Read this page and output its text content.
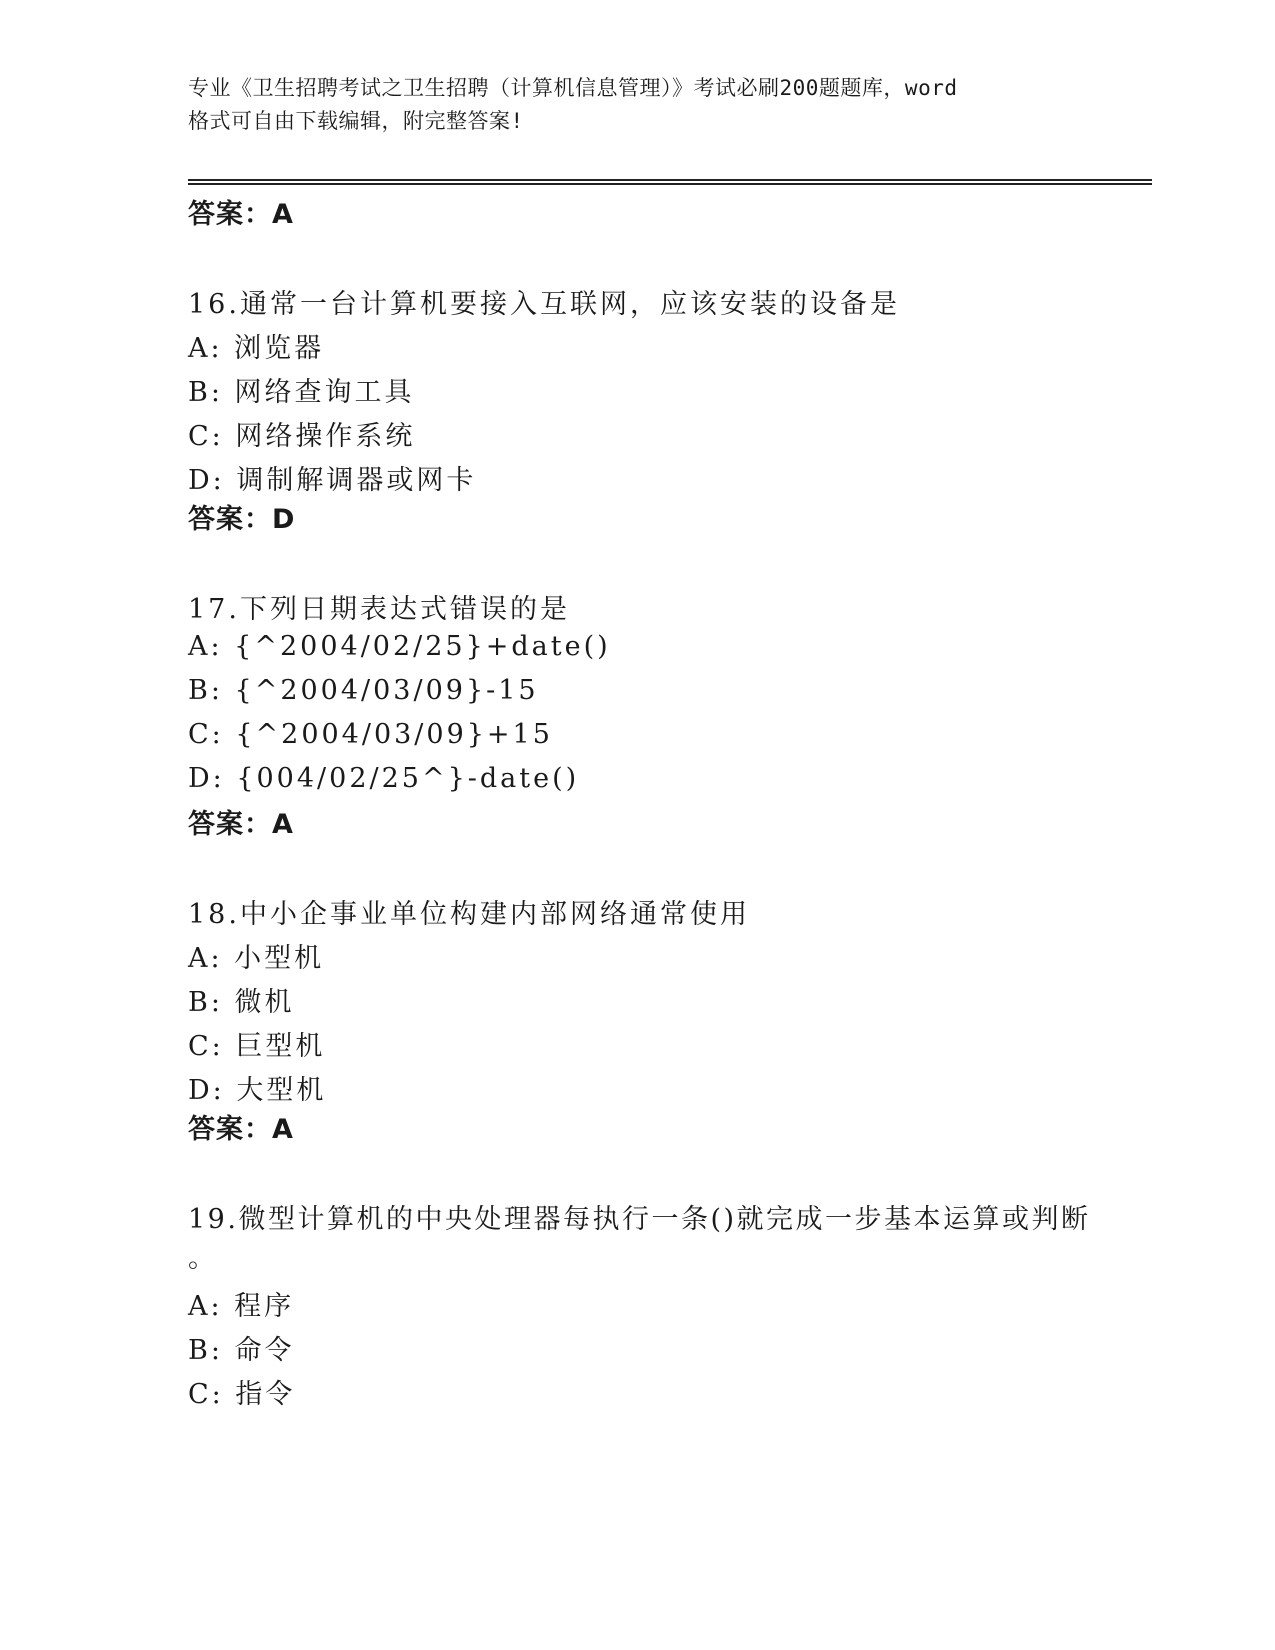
专业《卫生招聘考试之卫生招聘（计算机信息管理）》考试必刷200题题库，word
格式可自由下载编辑，附完整答案!
答案：A
16.通常一台计算机要接入互联网，应该安装的设备是
A: 浏览器
B: 网络查询工具
C: 网络操作系统
D: 调制解调器或网卡
答案：D
17.下列日期表达式错误的是
A: {^2004/02/25}+date()
B: {^2004/03/09}-15
C: {^2004/03/09}+15
D: {004/02/25^}-date()
答案：A
18.中小企事业单位构建内部网络通常使用
A: 小型机
B: 微机
C: 巨型机
D: 大型机
答案：A
19.微型计算机的中央处理器每执行一条()就完成一步基本运算或判断
。
A: 程序
B: 命令
C: 指令
